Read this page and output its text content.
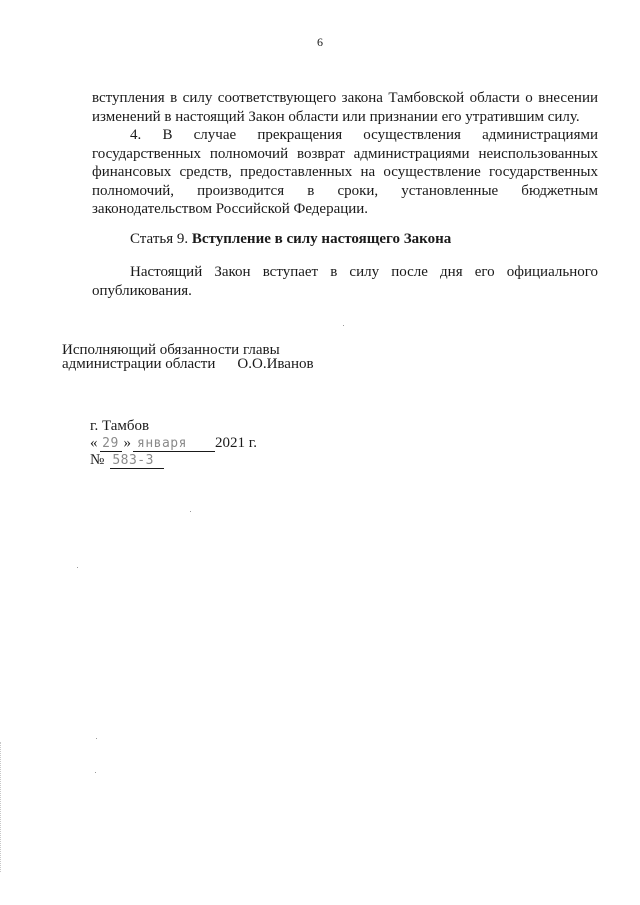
6
вступления в силу соответствующего закона Тамбовской области о внесении изменений в настоящий Закон области или признании его утратившим силу.
4. В случае прекращения осуществления администрациями государственных полномочий возврат администрациями неиспользованных финансовых средств, предоставленных на осуществление государственных полномочий, производится в сроки, установленные бюджетным законодательством Российской Федерации.
Статья 9. Вступление в силу настоящего Закона
Настоящий Закон вступает в силу после дня его официального опубликования.
Исполняющий обязанности главы
администрации области О.О.Иванов
г. Тамбов
« 29 » января	2021 г.
№ 583-З
